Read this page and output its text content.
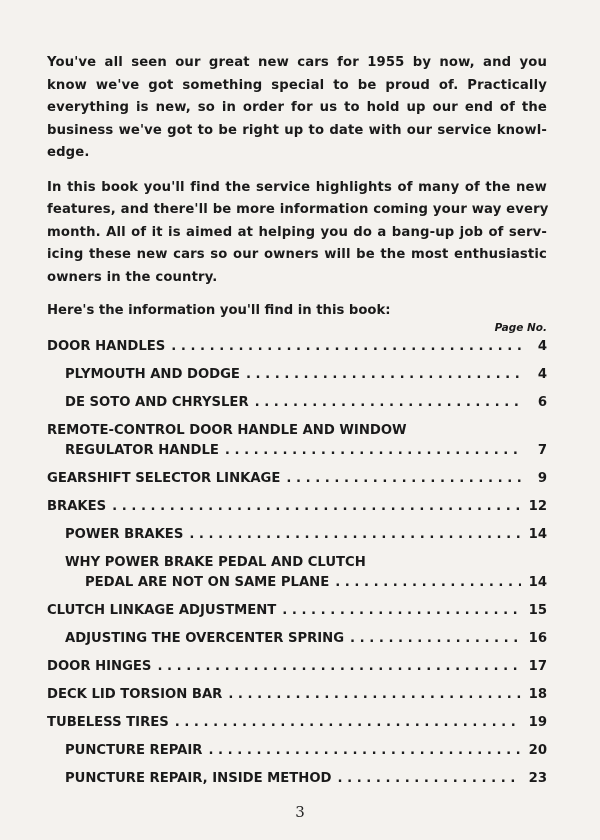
You've all seen our great new cars for 1955 by now, and you
know we've got something special to be proud of. Practically
everything is new, so in order for us to hold up our end of the
business we've got to be right up to date with our service knowl-
edge.
In this book you'll find the service highlights of many of the new
features, and there'll be more information coming your way every
month. All of it is aimed at helping you do a bang-up job of serv-
icing these new cars so our owners will be the most enthusiastic
owners in the country.
Here's the information you'll find in this book:
Page No.
DOOR HANDLES . . .	4
PLYMOUTH AND DODGE . . .	4
DE SOTO AND CHRYSLER . . .	6
REMOTE-CONTROL DOOR HANDLE AND WINDOW
REGULATOR HANDLE . . .	7
GEARSHIFT SELECTOR LINKAGE . . .	9
BRAKES . . .	12
POWER BRAKES . . .	14
WHY POWER BRAKE PEDAL AND CLUTCH
PEDAL ARE NOT ON SAME PLANE . . .	14
CLUTCH LINKAGE ADJUSTMENT . . .	15
ADJUSTING THE OVERCENTER SPRING . . .	16
DOOR HINGES . . .	17
DECK LID TORSION BAR . . .	18
TUBELESS TIRES . . .	19
PUNCTURE REPAIR . . .	20
PUNCTURE REPAIR, INSIDE METHOD . . .	23
3
